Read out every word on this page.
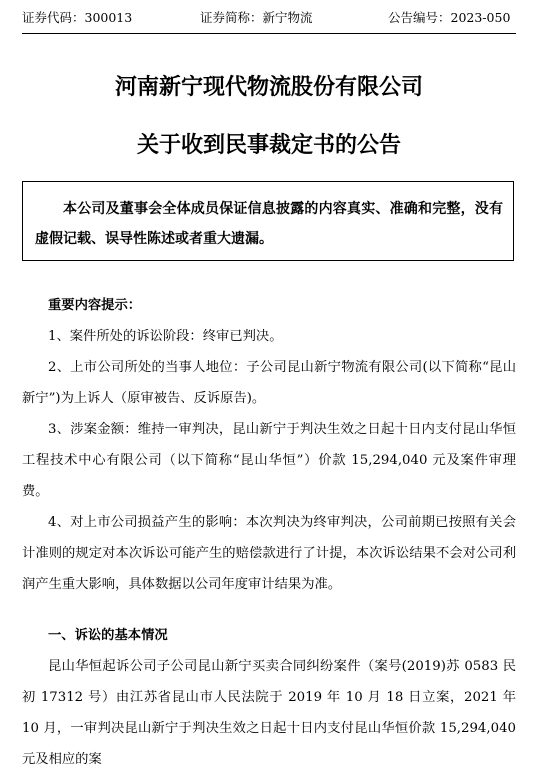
证券代码：300013	证券简称：新宁物流	公告编号：2023-050
河南新宁现代物流股份有限公司
关于收到民事裁定书的公告
本公司及董事会全体成员保证信息披露的内容真实、准确和完整，没有虚假记载、误导性陈述或者重大遗漏。

重要内容提示：

1、案件所处的诉讼阶段：终审已判决。

2、上市公司所处的当事人地位：子公司昆山新宁物流有限公司(以下简称“昆山新宁”)为上诉人（原审被告、反诉原告)。

3、涉案金额：维持一审判决，昆山新宁于判决生效之日起十日内支付昆山华恒工程技术中心有限公司（以下简称“昆山华恒”）价款 15,294,040 元及案件审理费。

4、对上市公司损益产生的影响：本次判决为终审判决，公司前期已按照有关会计准则的规定对本次诉讼可能产生的赔偿款进行了计提，本次诉讼结果不会对公司利润产生重大影响，具体数据以公司年度审计结果为准。

一、诉讼的基本情况

昆山华恒起诉公司子公司昆山新宁买卖合同纠纷案件（案号(2019)苏 0583 民初 17312 号）由江苏省昆山市人民法院于 2019 年 10 月 18 日立案，2021 年 10 月，一审判决昆山新宁于判决生效之日起十日内支付昆山华恒价款 15,294,040 元及相应的案
